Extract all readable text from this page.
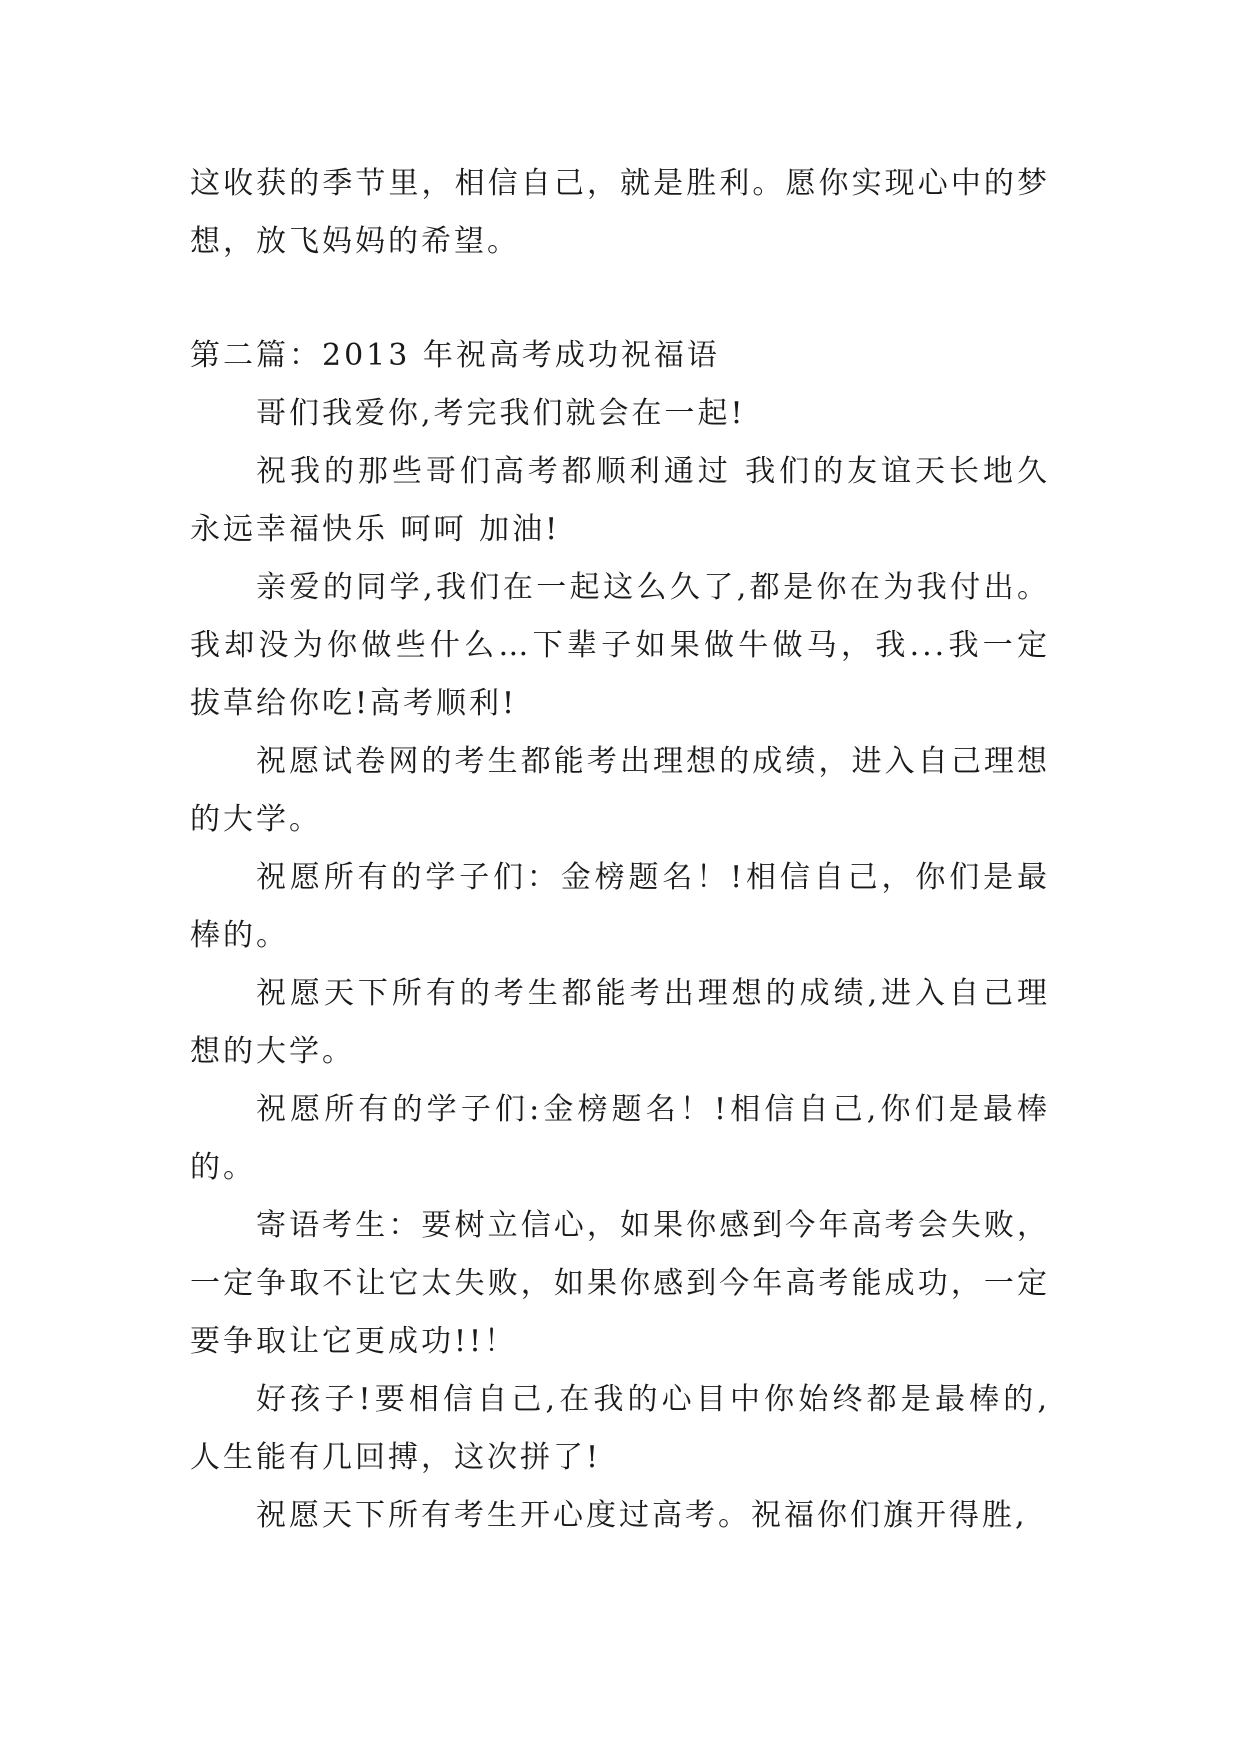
这收获的季节里，相信自己，就是胜利。愿你实现心中的梦想，放飞妈妈的希望。

第二篇：2013 年祝高考成功祝福语

哥们我爱你,考完我们就会在一起!

祝我的那些哥们高考都顺利通过 我们的友谊天长地久 永远幸福快乐 呵呵 加油!

亲爱的同学,我们在一起这么久了,都是你在为我付出。我却没为你做些什么…下辈子如果做牛做马，我...我一定拔草给你吃!高考顺利!

祝愿试卷网的考生都能考出理想的成绩，进入自己理想的大学。

祝愿所有的学子们：金榜题名！!相信自己，你们是最棒的。

祝愿天下所有的考生都能考出理想的成绩,进入自己理想的大学。

祝愿所有的学子们:金榜题名！!相信自己,你们是最棒的。

寄语考生：要树立信心，如果你感到今年高考会失败，一定争取不让它太失败，如果你感到今年高考能成功，一定要争取让它更成功!!！

好孩子!要相信自己,在我的心目中你始终都是最棒的,人生能有几回搏，这次拼了!

祝愿天下所有考生开心度过高考。祝福你们旗开得胜,
